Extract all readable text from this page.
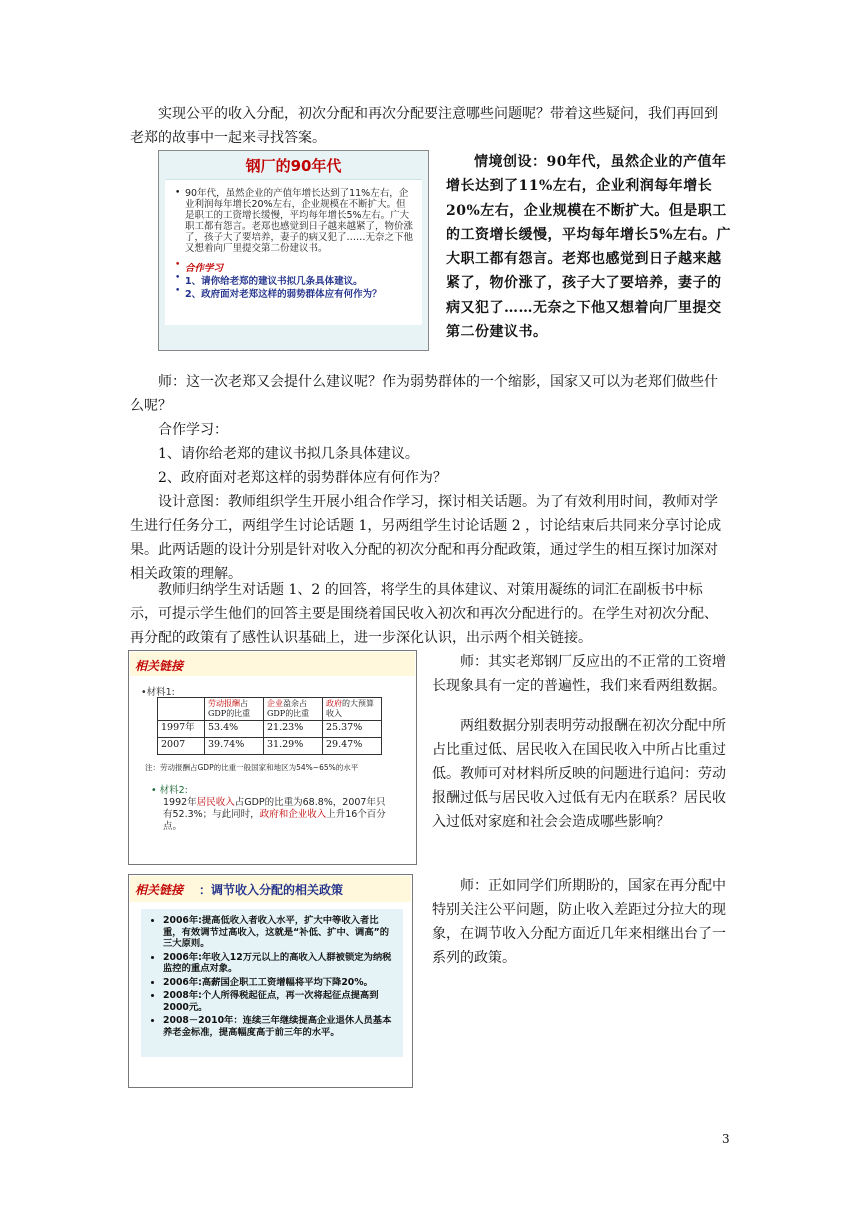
实现公平的收入分配，初次分配和再次分配要注意哪些问题呢？带着这些疑问，我们再回到老郑的故事中一起来寻找答案。

钢厂的90年代
• 90年代，虽然企业的产值年增长达到了11%左右，企业利润每年增长20%左右，企业规模在不断扩大。但是职工的工资增长缓慢，平均每年增长5%左右。广大职工都有怨言。老郑也感觉到日子越来越紧了，物价涨了，孩子大了要培养，妻子的病又犯了……无奈之下他又想着向厂里提交第二份建议书。
• 合作学习
• 1、请你给老郑的建议书拟几条具体建议。
• 2、政府面对老郑这样的弱势群体应有何作为？

情境创设：90年代，虽然企业的产值年增长达到了11%左右，企业利润每年增长20%左右，企业规模在不断扩大。但是职工的工资增长缓慢，平均每年增长5%左右。广大职工都有怨言。老郑也感觉到日子越来越紧了，物价涨了，孩子大了要培养，妻子的病又犯了……无奈之下他又想着向厂里提交第二份建议书。

师：这一次老郑又会提什么建议呢？作为弱势群体的一个缩影，国家又可以为老郑们做些什么呢？

合作学习：

1、请你给老郑的建议书拟几条具体建议。

2、政府面对老郑这样的弱势群体应有何作为？

设计意图：教师组织学生开展小组合作学习，探讨相关话题。为了有效利用时间，教师对学生进行任务分工，两组学生讨论话题 1，另两组学生讨论话题 2 ，讨论结束后共同来分享讨论成果。此两话题的设计分别是针对收入分配的初次分配和再分配政策，通过学生的相互探讨加深对相关政策的理解。

教师归纳学生对话题 1、2 的回答，将学生的具体建议、对策用凝练的词汇在副板书中标示，可提示学生他们的回答主要是围绕着国民收入初次和再次分配进行的。在学生对初次分配、再分配的政策有了感性认识基础上，进一步深化认识，出示两个相关链接。

相关链接
•材料1:
	劳动报酬占GDP的比重	企业盈余占GDP的比重	政府的大预算收入
1997年	53.4%	21.23%	25.37%
2007	39.74%	31.29%	29.47%
注：劳动报酬占GDP的比重一般国家和地区为54%~65%的水平
• 材料2:
1992年居民收入占GDP的比重为68.8%，2007年只有52.3%；与此同时，政府和企业收入上升16个百分点。

师：其实老郑钢厂反应出的不正常的工资增长现象具有一定的普遍性，我们来看两组数据。

两组数据分别表明劳动报酬在初次分配中所占比重过低、居民收入在国民收入中所占比重过低。教师可对材料所反映的问题进行追问：劳动报酬过低与居民收入过低有无内在联系？居民收入过低对家庭和社会会造成哪些影响？

师：正如同学们所期盼的，国家在再分配中特别关注公平问题，防止收入差距过分拉大的现象，在调节收入分配方面近几年来相继出台了一系列的政策。

相关链接 ：调节收入分配的相关政策
• 2006年:提高低收入者收入水平，扩大中等收入者比重，有效调节过高收入，这就是“补低、扩中、调高”的三大原则。
• 2006年:年收入12万元以上的高收入人群被锁定为纳税监控的重点对象。
• 2006年:高薪国企职工工资增幅将平均下降20%。
• 2008年:个人所得税起征点，再一次将起征点提高到2000元。
• 2008－2010年：连续三年继续提高企业退休人员基本养老金标准，提高幅度高于前三年的水平。
3
